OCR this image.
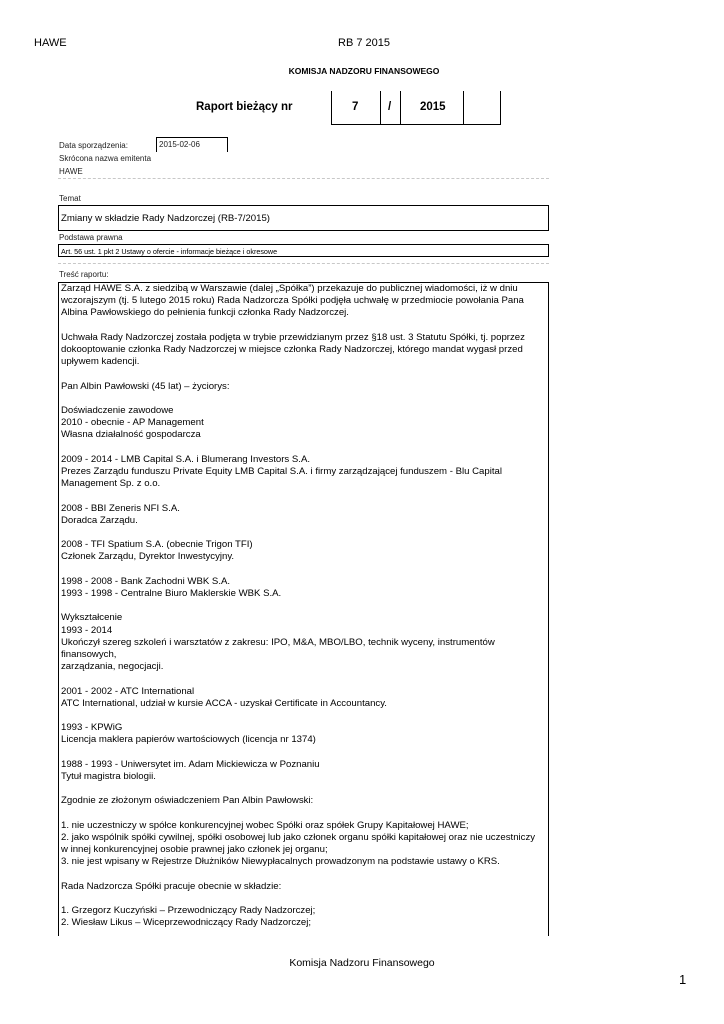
HAWE	RB 7 2015
KOMISJA NADZORU FINANSOWEGO
Raport bieżący nr	7	/	2015
Data sporządzenia:	2015-02-06
Skrócona nazwa emitenta
HAWE
Temat
Zmiany w składzie Rady Nadzorczej (RB-7/2015)
Podstawa prawna
Art. 56 ust. 1 pkt 2 Ustawy o ofercie - informacje bieżące i okresowe
Treść raportu:

Zarząd HAWE S.A. z siedzibą w Warszawie (dalej „Spółka”) przekazuje do publicznej wiadomości, iż w dniu

wczorajszym (tj. 5 lutego 2015 roku) Rada Nadzorcza Spółki podjęła uchwałę w przedmiocie powołania Pana

Albina Pawłowskiego do pełnienia funkcji członka Rady Nadzorczej.

Uchwała Rady Nadzorczej została podjęta w trybie przewidzianym przez §18 ust. 3 Statutu Spółki, tj. poprzez

dokooptowanie członka Rady Nadzorczej w miejsce członka Rady Nadzorczej, którego mandat wygasł przed

upływem kadencji.

Pan Albin Pawłowski (45 lat) – życiorys:

Doświadczenie zawodowe

2010 - obecnie - AP Management

Własna działalność gospodarcza

2009 - 2014 - LMB Capital S.A. i Blumerang Investors S.A.

Prezes Zarządu funduszu Private Equity LMB Capital S.A. i firmy zarządzającej funduszem - Blu Capital

Management Sp. z o.o.

2008 - BBI Zeneris NFI S.A.

Doradca Zarządu.

2008 - TFI Spatium S.A. (obecnie Trigon TFI)

Członek Zarządu, Dyrektor Inwestycyjny.

1998 - 2008 - Bank Zachodni WBK S.A.

1993 - 1998 - Centralne Biuro Maklerskie WBK S.A.

Wykształcenie

1993 - 2014

Ukończył szereg szkoleń i warsztatów z zakresu: IPO, M&A, MBO/LBO, technik wyceny, instrumentów finansowych,

zarządzania, negocjacji.

2001 - 2002 - ATC International

ATC International, udział w kursie ACCA - uzyskał Certificate in Accountancy.

1993 - KPWiG

Licencja maklera papierów wartościowych (licencja nr 1374)

1988 - 1993 - Uniwersytet im. Adam Mickiewicza w Poznaniu

Tytuł magistra biologii.

Zgodnie ze złożonym oświadczeniem Pan Albin Pawłowski:

1. nie uczestniczy w spółce konkurencyjnej wobec Spółki oraz spółek Grupy Kapitałowej HAWE;

2. jako wspólnik spółki cywilnej, spółki osobowej lub jako członek organu spółki kapitałowej oraz nie uczestniczy

w innej konkurencyjnej osobie prawnej jako członek jej organu;

3. nie jest wpisany w Rejestrze Dłużników Niewypłacalnych prowadzonym na podstawie ustawy o KRS.

Rada Nadzorcza Spółki pracuje obecnie w składzie:

1. Grzegorz Kuczyński – Przewodniczący Rady Nadzorczej;

2. Wiesław Likus – Wiceprzewodniczący Rady Nadzorczej;

Komisja Nadzoru Finansowego
1
